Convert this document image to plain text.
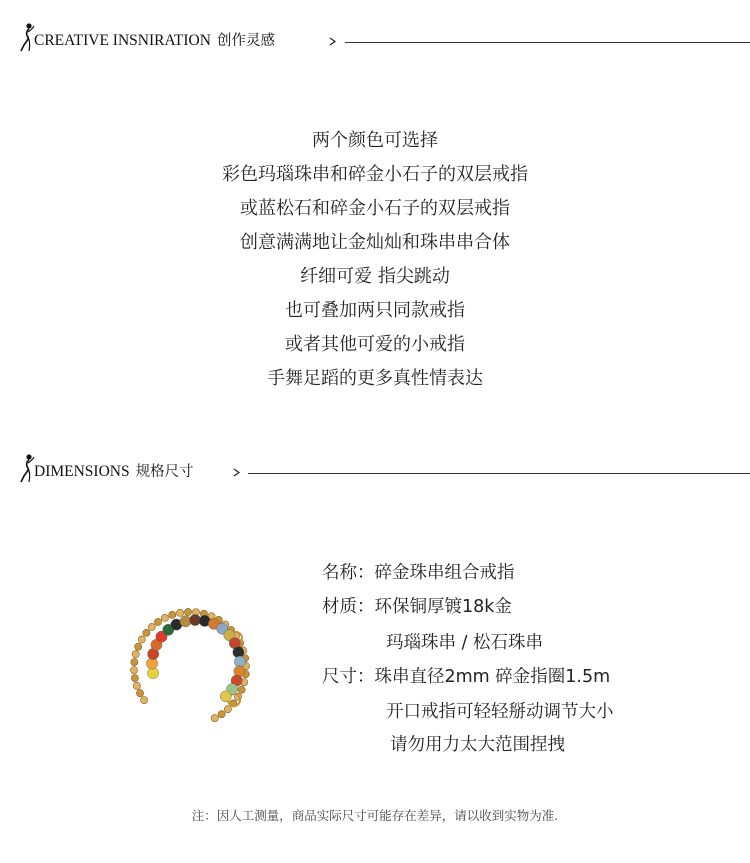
CREATIVE INSNIRATION 创作灵感
两个颜色可选择
彩色玛瑙珠串和碎金小石子的双层戒指
或蓝松石和碎金小石子的双层戒指
创意满满地让金灿灿和珠串串合体
纤细可爱 指尖跳动
也可叠加两只同款戒指
或者其他可爱的小戒指
手舞足蹈的更多真性情表达
DIMENSIONS 规格尺寸
名称：碎金珠串组合戒指
材质：环保铜厚镀18k金
玛瑙珠串 / 松石珠串
尺寸：珠串直径2mm 碎金指圈1.5m
开口戒指可轻轻掰动调节大小
请勿用力太大范围捏拽
注：因人工测量，商品实际尺寸可能存在差异，请以收到实物为准.
